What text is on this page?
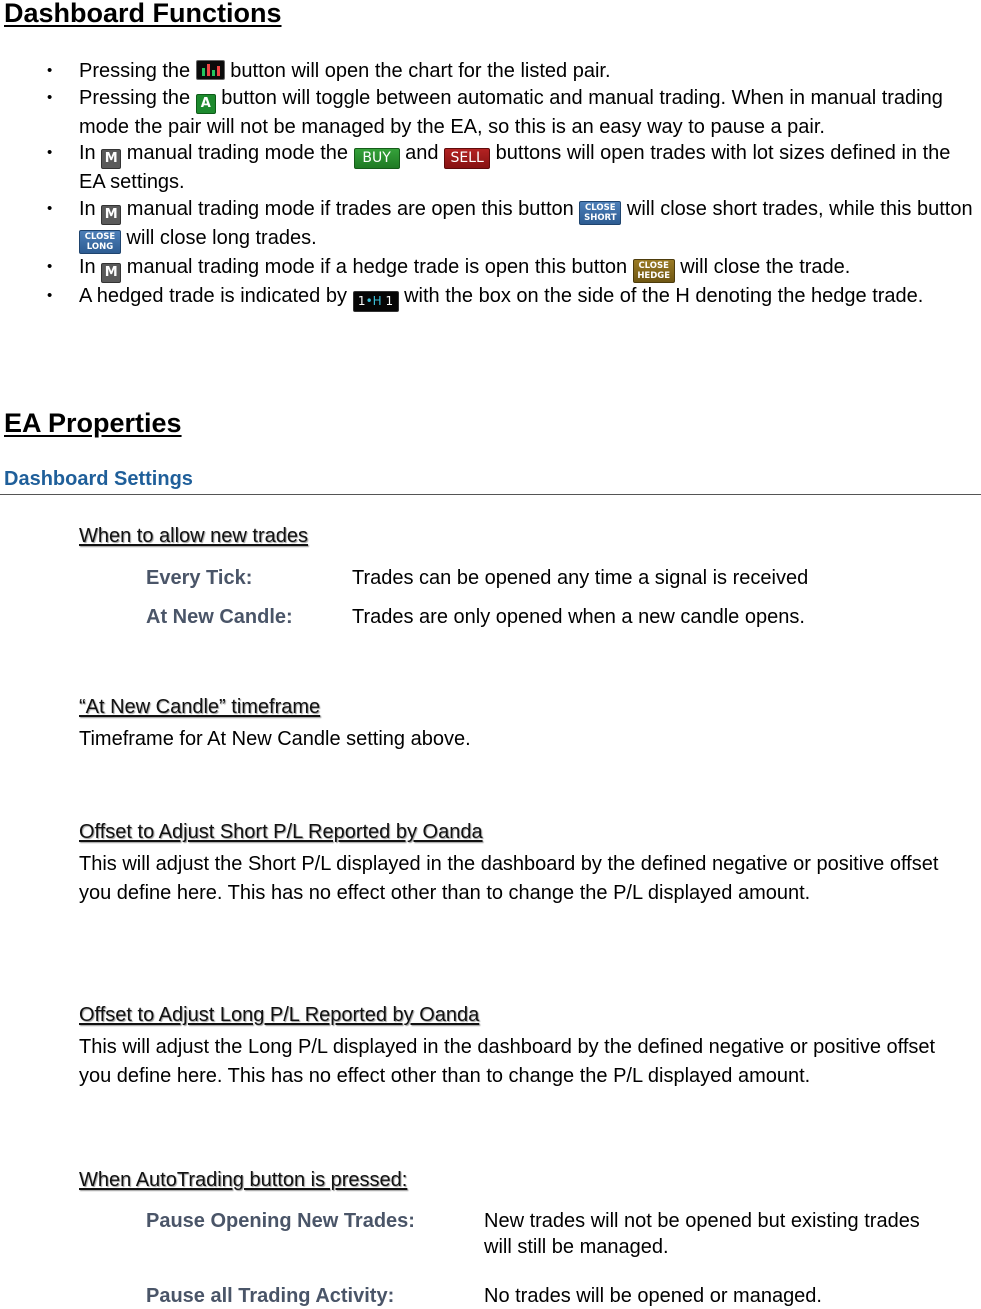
Dashboard Functions
• Pressing the
button will open the chart for the listed pair.
• Pressing the A button will toggle between automatic and manual trading. When in manual trading mode the pair will not be managed by the EA, so this is an easy way to pause a pair.
• In M manual trading mode the BUY and SELL buttons will open trades with lot sizes defined in the EA settings.
• In M manual trading mode if trades are open this button CLOSE
SHORT will close short trades, while this button CLOSE
LONG will close long trades.
• In M manual trading mode if a hedge trade is open this button CLOSE
HEDGE will close the trade.
• A hedged trade is indicated by 1•H 1 with the box on the side of the H denoting the hedge trade.
EA Properties
Dashboard Settings
When to allow new trades
Every Tick:	Trades can be opened any time a signal is received
At New Candle:	Trades are only opened when a new candle opens.
“At New Candle” timeframe
Timeframe for At New Candle setting above.
Offset to Adjust Short P/L Reported by Oanda
This will adjust the Short P/L displayed in the dashboard by the defined negative or positive offset you define here. This has no effect other than to change the P/L displayed amount.
Offset to Adjust Long P/L Reported by Oanda
This will adjust the Long P/L displayed in the dashboard by the defined negative or positive offset you define here. This has no effect other than to change the P/L displayed amount.
When AutoTrading button is pressed:
Pause Opening New Trades:	New trades will not be opened but existing trades will still be managed.
Pause all Trading Activity:	No trades will be opened or managed.
